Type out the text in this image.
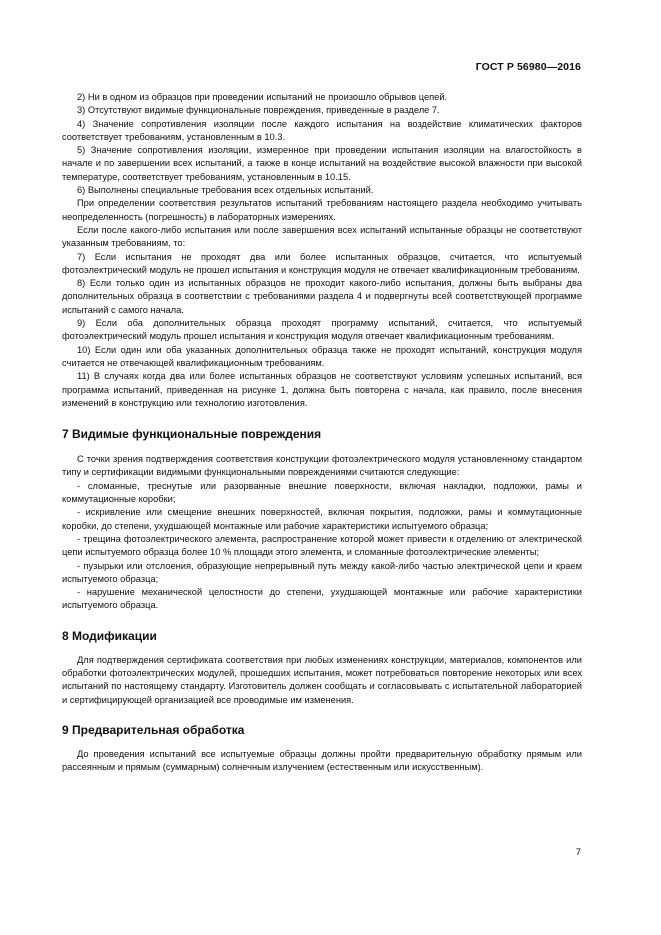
ГОСТ Р 56980—2016

2) Ни в одном из образцов при проведении испытаний не произошло обрывов цепей.

3) Отсутствуют видимые функциональные повреждения, приведенные в разделе 7.

4) Значение сопротивления изоляции после каждого испытания на воздействие климатических факторов соответствует требованиям, установленным в 10.3.

5) Значение сопротивления изоляции, измеренное при проведении испытания изоляции на влагостойкость в начале и по завершении всех испытаний, а также в конце испытаний на воздействие высокой влажности при высокой температуре, соответствует требованиям, установленным в 10.15.

6) Выполнены специальные требования всех отдельных испытаний.

При определении соответствия результатов испытаний требованиям настоящего раздела необходимо учитывать неопределенность (погрешность) в лабораторных измерениях.

Если после какого-либо испытания или после завершения всех испытаний испытанные образцы не соответствуют указанным требованиям, то:

7) Если испытания не проходят два или более испытанных образцов, считается, что испытуемый фотоэлектрический модуль не прошел испытания и конструкция модуля не отвечает квалификационным требованиям.

8) Если только один из испытанных образцов не проходит какого-либо испытания, должны быть выбраны два дополнительных образца в соответствии с требованиями раздела 4 и подвергнуты всей соответствующей программе испытаний с самого начала.

9) Если оба дополнительных образца проходят программу испытаний, считается, что испытуемый фотоэлектрический модуль прошел испытания и конструкция модуля отвечает квалификационным требованиям.

10) Если один или оба указанных дополнительных образца также не проходят испытаний, конструкция модуля считается не отвечающей квалификационным требованиям.

11) В случаях когда два или более испытанных образцов не соответствуют условиям успешных испытаний, вся программа испытаний, приведенная на рисунке 1, должна быть повторена с начала, как правило, после внесения изменений в конструкцию или технологию изготовления.

7 Видимые функциональные повреждения

С точки зрения подтверждения соответствия конструкции фотоэлектрического модуля установленному стандартом типу и сертификации видимыми функциональными повреждениями считаются следующие:

- сломанные, треснутые или разорванные внешние поверхности, включая накладки, подложки, рамы и коммутационные коробки;

- искривление или смещение внешних поверхностей, включая покрытия, подложки, рамы и коммутационные коробки, до степени, ухудшающей монтажные или рабочие характеристики испытуемого образца;

- трещина фотоэлектрического элемента, распространение которой может привести к отделению от электрической цепи испытуемого образца более 10 % площади этого элемента, и сломанные фотоэлектрические элементы;

- пузырьки или отслоения, образующие непрерывный путь между какой-либо частью электрической цепи и краем испытуемого образца;

- нарушение механической целостности до степени, ухудшающей монтажные или рабочие характеристики испытуемого образца.

8 Модификации

Для подтверждения сертификата соответствия при любых изменениях конструкции, материалов, компонентов или обработки фотоэлектрических модулей, прошедших испытания, может потребоваться повторение некоторых или всех испытаний по настоящему стандарту. Изготовитель должен сообщать и согласовывать с испытательной лабораторией и сертифицирующей организацией все проводимые им изменения.

9 Предварительная обработка

До проведения испытаний все испытуемые образцы должны пройти предварительную обработку прямым или рассеянным и прямым (суммарным) солнечным излучением (естественным или искусственным).

7
